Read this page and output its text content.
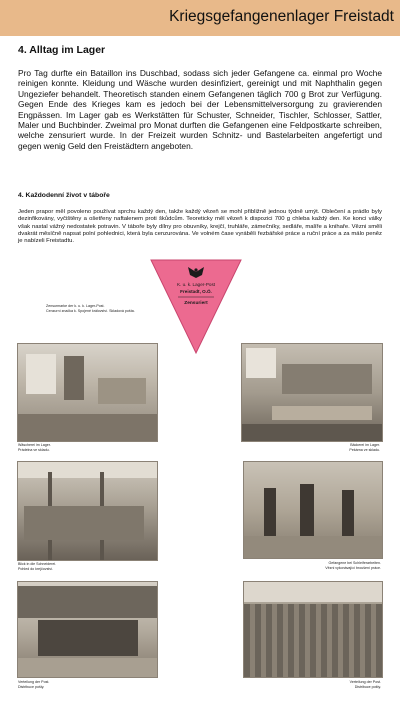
Kriegsgefangenenlager Freistadt
4. Alltag im Lager
Pro Tag durfte ein Bataillon ins Duschbad, sodass sich jeder Gefangene ca. einmal pro Woche reinigen konnte. Kleidung und Wäsche wurden desinfiziert, gereinigt und mit Naphthalin gegen Ungeziefer behandelt. Theoretisch standen einem Gefangenen täglich 700 g Brot zur Verfügung. Gegen Ende des Krieges kam es jedoch bei der Lebensmittelversorgung zu gravierenden Engpässen. Im Lager gab es Werkstätten für Schuster, Schneider, Tischler, Schlosser, Sattler, Maler und Buchbinder. Zweimal pro Monat durften die Gefangenen eine Feldpostkarte schreiben, welche zensuriert wurde. In der Freizeit wurden Schnitz- und Bastelarbeiten angefertigt und gegen wenig Geld den Freistädtern angeboten.
4. Každodenní život v táboře
Jeden prapor měl povoleno používat sprchu každý den, takže každý vězeň se mohl přibližně jednou týdně umýt. Oblečení a prádlo byly dezinfikovány, vyčištěny a ošetřeny naftalenem proti škůdcům. Teoreticky měl vězeň k dispozici 700 g chleba každý den. Ke konci války však nastal vážný nedostatek potravin. V táboře byly dílny pro obuvníky, krejčí, truhláře, zámečníky, sedláře, malíře a knihaře. Vězni směli dvakrát měsíčně napsat polní pohlednici, která byla cenzurována. Ve volném čase vyráběli řezbářské práce a ruční práce a za málo peněz je nabízeli Freistadtu.
Zensurmarke der k. u. k. Lager-Post.
Cenzurní značka k. Spojené království. Skladová pošta.
K. u. k. Lager-Post
Freistadt, O.Ö.
Zensuriert
Wäscherei im Lager.
Prádelna ve skladu.
Bäckerei im Lager.
Pekárna ve skladu.
Blick in die Schneiderei.
Pohled do krejčovství.
Gefangene bei Schleiferarbeiten.
Vězni vykonávající broušení práce.
Verteilung der Post.
Distribuce pošty.
Verteilung der Post.
Distribuce pošty.
